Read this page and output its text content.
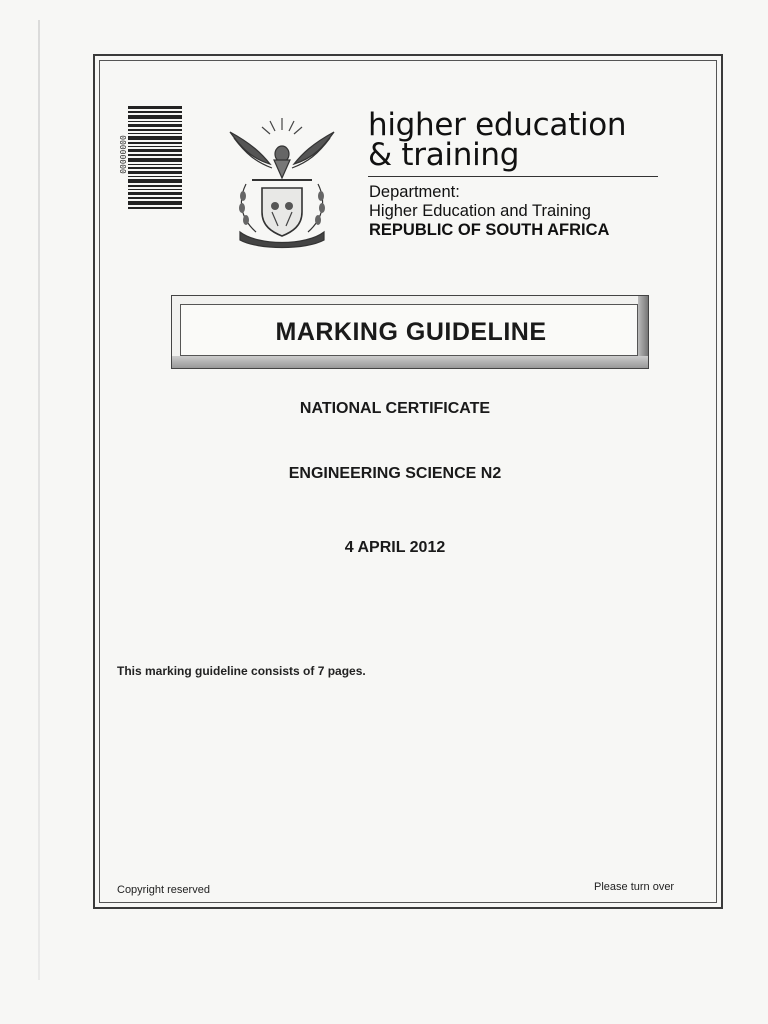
00000000
higher education
& training
Department:
Higher Education and Training
REPUBLIC OF SOUTH AFRICA
MARKING GUIDELINE
NATIONAL CERTIFICATE
ENGINEERING SCIENCE N2
4 APRIL 2012
This marking guideline consists of 7 pages.
Copyright reserved	Please turn over
